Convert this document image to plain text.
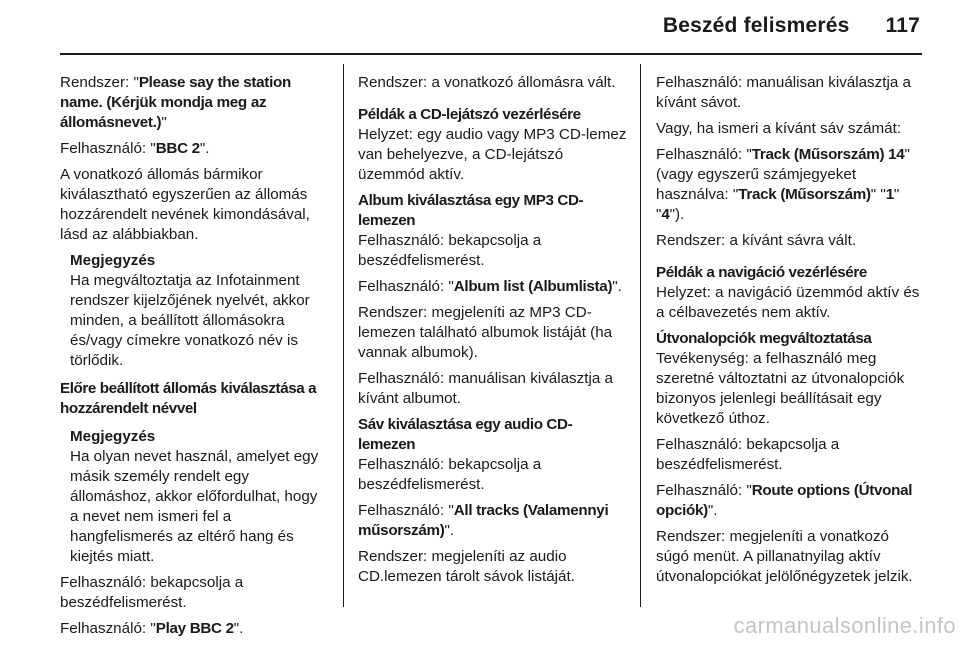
Beszéd felismerés 117

Rendszer: "Please say the station name. (Kérjük mondja meg az állomásnevet.)"

Felhasználó: "BBC 2".

A vonatkozó állomás bármikor kiválasztható egyszerűen az állomás hozzárendelt nevének kimondásával, lásd az alábbiakban.

Megjegyzés

Ha megváltoztatja az Infotainment rendszer kijelzőjének nyelvét, akkor minden, a beállított állomásokra és/vagy címekre vonatkozó név is törlődik.

Előre beállított állomás kiválasztása a hozzárendelt névvel

Megjegyzés

Ha olyan nevet használ, amelyet egy másik személy rendelt egy állomáshoz, akkor előfordulhat, hogy a nevet nem ismeri fel a hangfelismerés az eltérő hang és kiejtés miatt.

Felhasználó: bekapcsolja a beszédfelismerést.

Felhasználó: "Play BBC 2".

Rendszer: a vonatkozó állomásra vált.

Példák a CD-lejátszó vezérlésére

Helyzet: egy audio vagy MP3 CD-lemez van behelyezve, a CD-lejátszó üzemmód aktív.

Album kiválasztása egy MP3 CD-lemezen

Felhasználó: bekapcsolja a beszédfelismerést.

Felhasználó: "Album list (Albumlista)".

Rendszer: megjeleníti az MP3 CD-lemezen található albumok listáját (ha vannak albumok).

Felhasználó: manuálisan kiválasztja a kívánt albumot.

Sáv kiválasztása egy audio CD-lemezen

Felhasználó: bekapcsolja a beszédfelismerést.

Felhasználó: "All tracks (Valamennyi műsorszám)".

Rendszer: megjeleníti az audio CD.lemezen tárolt sávok listáját.

Felhasználó: manuálisan kiválasztja a kívánt sávot.

Vagy, ha ismeri a kívánt sáv számát:

Felhasználó: "Track (Műsorszám) 14" (vagy egyszerű számjegyeket használva: "Track (Műsorszám)" "1" "4").

Rendszer: a kívánt sávra vált.

Példák a navigáció vezérlésére

Helyzet: a navigáció üzemmód aktív és a célbavezetés nem aktív.

Útvonalopciók megváltoztatása

Tevékenység: a felhasználó meg szeretné változtatni az útvonalopciók bizonyos jelenlegi beállításait egy következő úthoz.

Felhasználó: bekapcsolja a beszédfelismerést.

Felhasználó: "Route options (Útvonal opciók)".

Rendszer: megjeleníti a vonatkozó súgó menüt. A pillanatnyilag aktív útvonalopciókat jelölőnégyzetek jelzik.

carmanualsonline.info
